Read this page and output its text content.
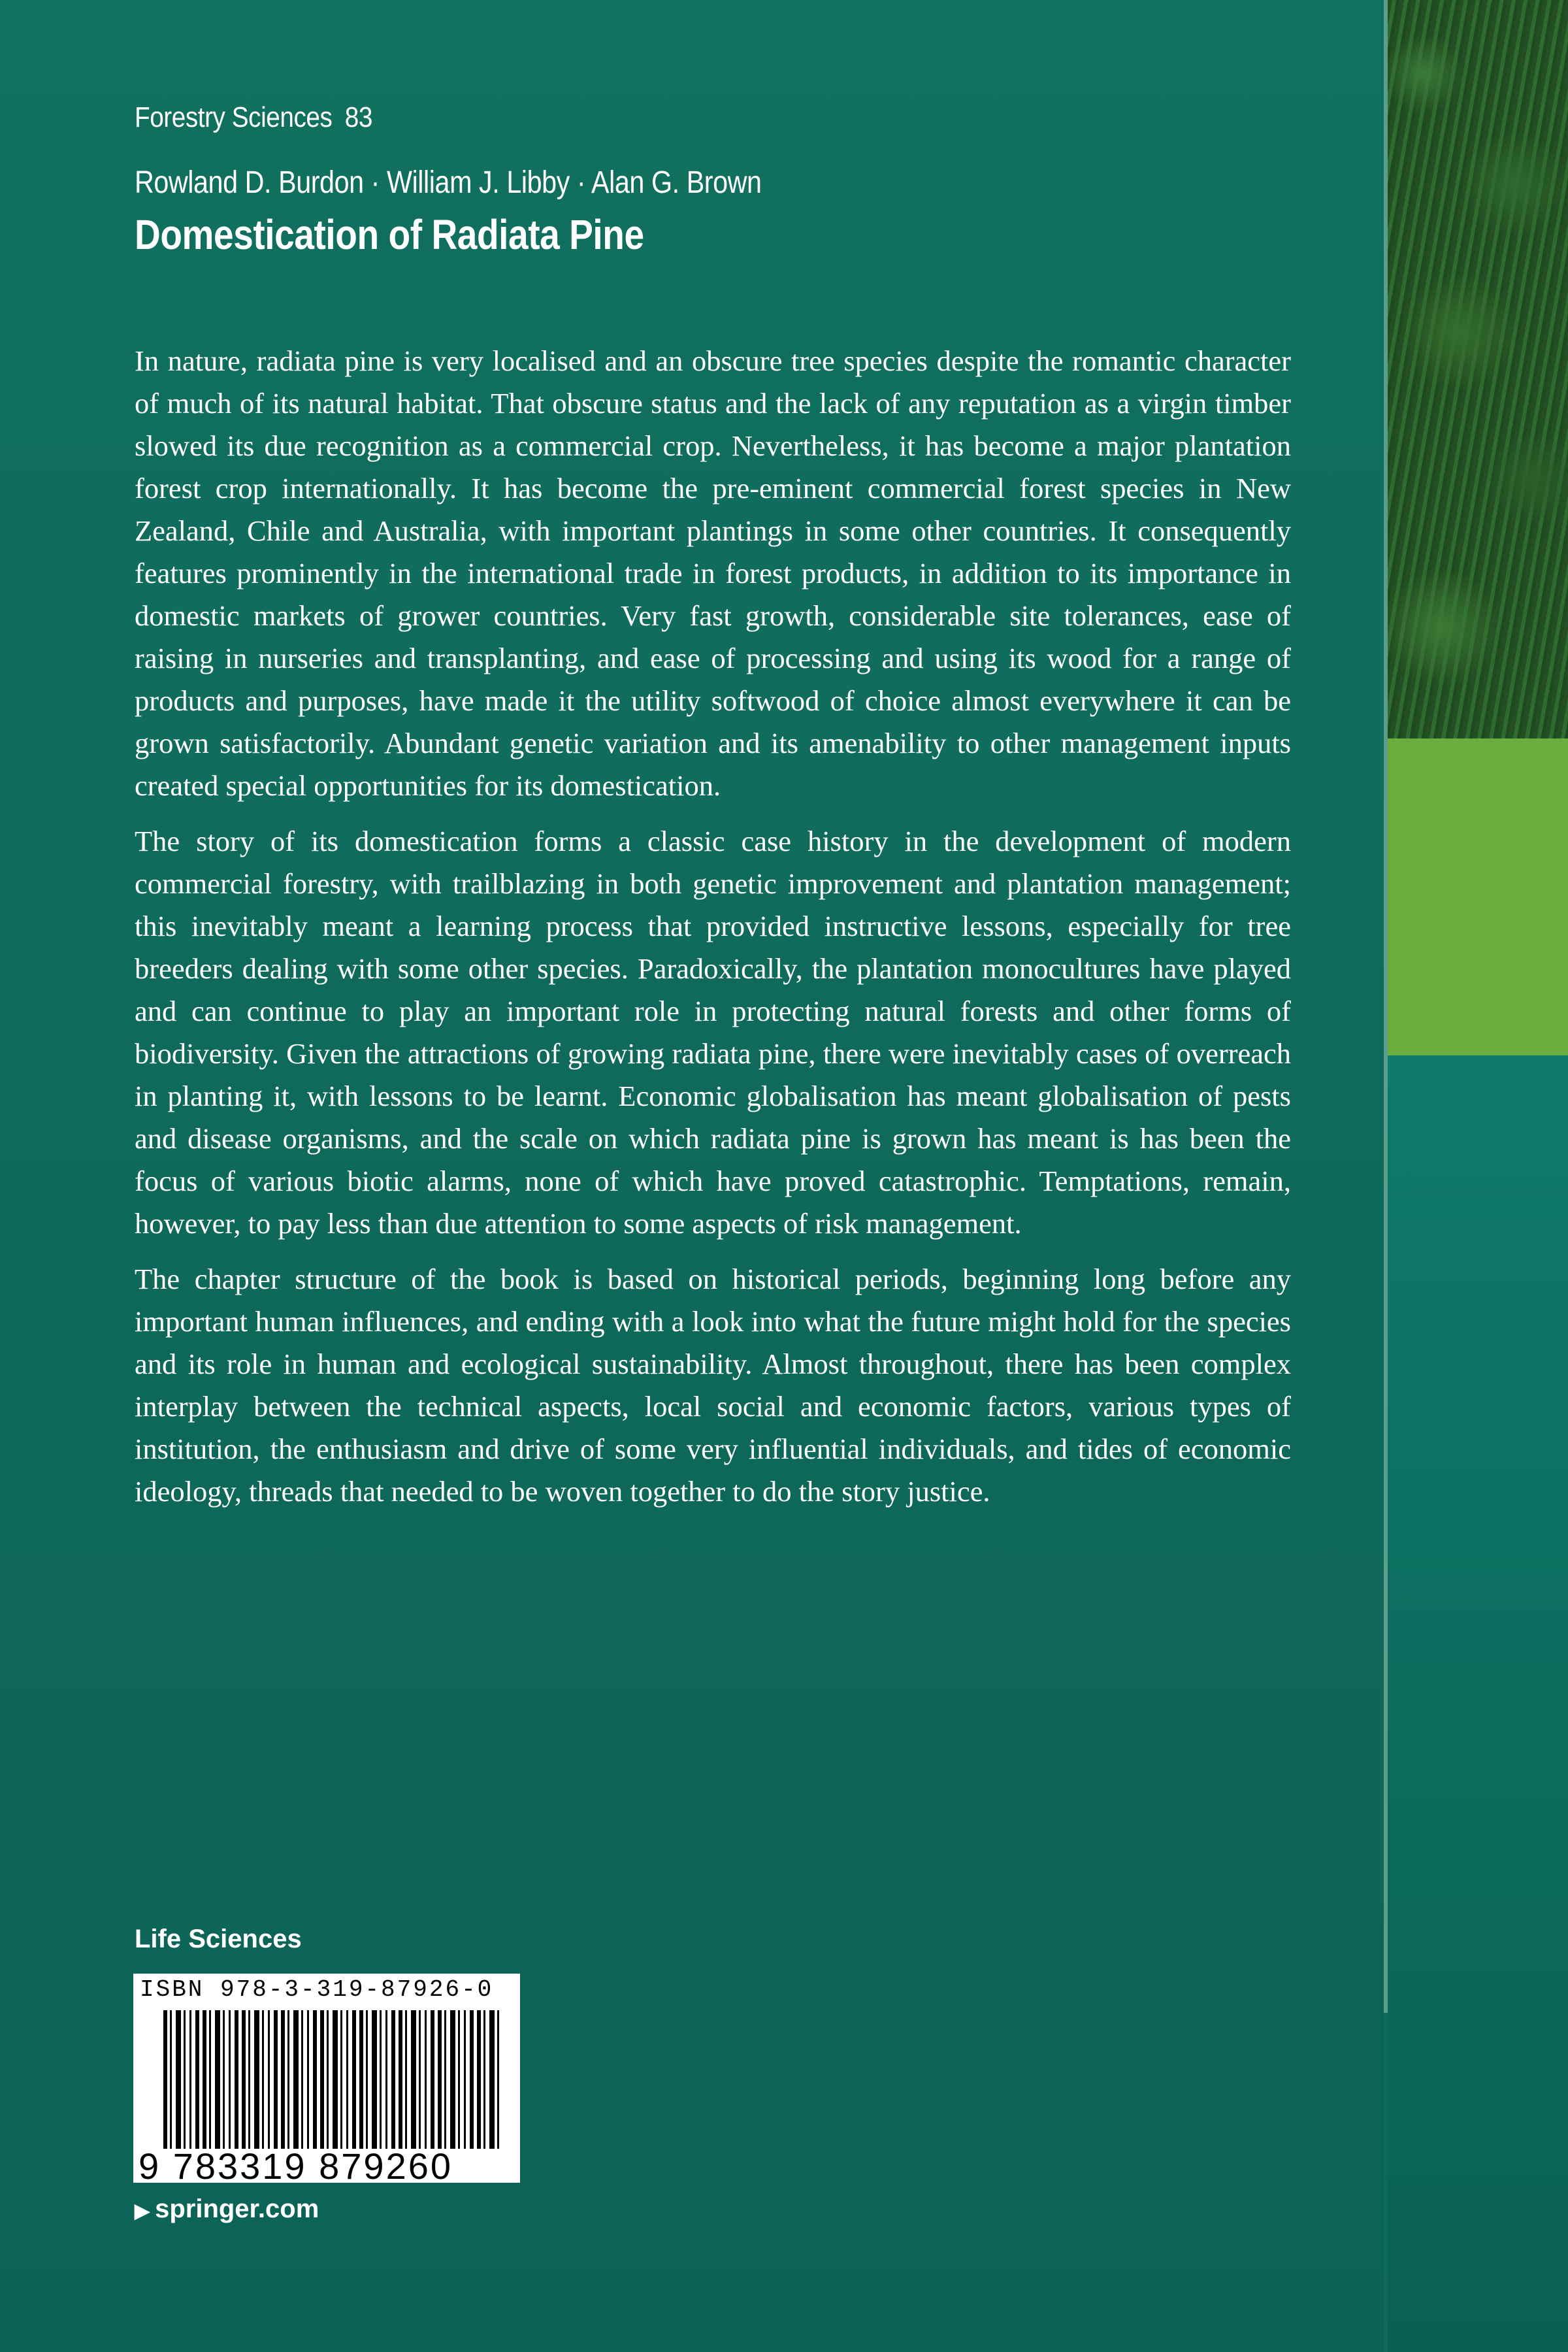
Forestry Sciences 83
Rowland D. Burdon · William J. Libby · Alan G. Brown
Domestication of Radiata Pine

In nature, radiata pine is very localised and an obscure tree species despite the romantic character of much of its natural habitat. That obscure status and the lack of any reputation as a virgin timber slowed its due recognition as a commercial crop. Nevertheless, it has become a major plantation forest crop internationally. It has become the pre-eminent commercial forest species in New Zealand, Chile and Australia, with important plantings in some other countries. It consequently features prominently in the international trade in forest products, in addition to its importance in domestic markets of grower countries. Very fast growth, considerable site tolerances, ease of raising in nurseries and transplanting, and ease of processing and using its wood for a range of products and purposes, have made it the utility softwood of choice almost everywhere it can be grown satisfactorily. Abundant genetic variation and its amenability to other management inputs created special opportunities for its domestication.

The story of its domestication forms a classic case history in the development of modern commercial forestry, with trailblazing in both genetic improvement and plantation management; this inevitably meant a learning process that provided instructive lessons, especially for tree breeders dealing with some other species. Paradoxically, the plantation monocultures have played and can continue to play an important role in protecting natural forests and other forms of biodiversity. Given the attractions of growing radiata pine, there were inevitably cases of overreach in planting it, with lessons to be learnt. Economic globalisation has meant globalisation of pests and disease organisms, and the scale on which radiata pine is grown has meant is has been the focus of various biotic alarms, none of which have proved catastrophic. Temptations, remain, however, to pay less than due attention to some aspects of risk management.

The chapter structure of the book is based on historical periods, beginning long before any important human influences, and ending with a look into what the future might hold for the species and its role in human and ecological sustainability. Almost throughout, there has been complex interplay between the technical aspects, local social and economic factors, various types of institution, the enthusiasm and drive of some very influential individuals, and tides of economic ideology, threads that needed to be woven together to do the story justice.

Life Sciences
ISBN 978-3-319-87926-0
9 783319 879260
▶ springer.com
